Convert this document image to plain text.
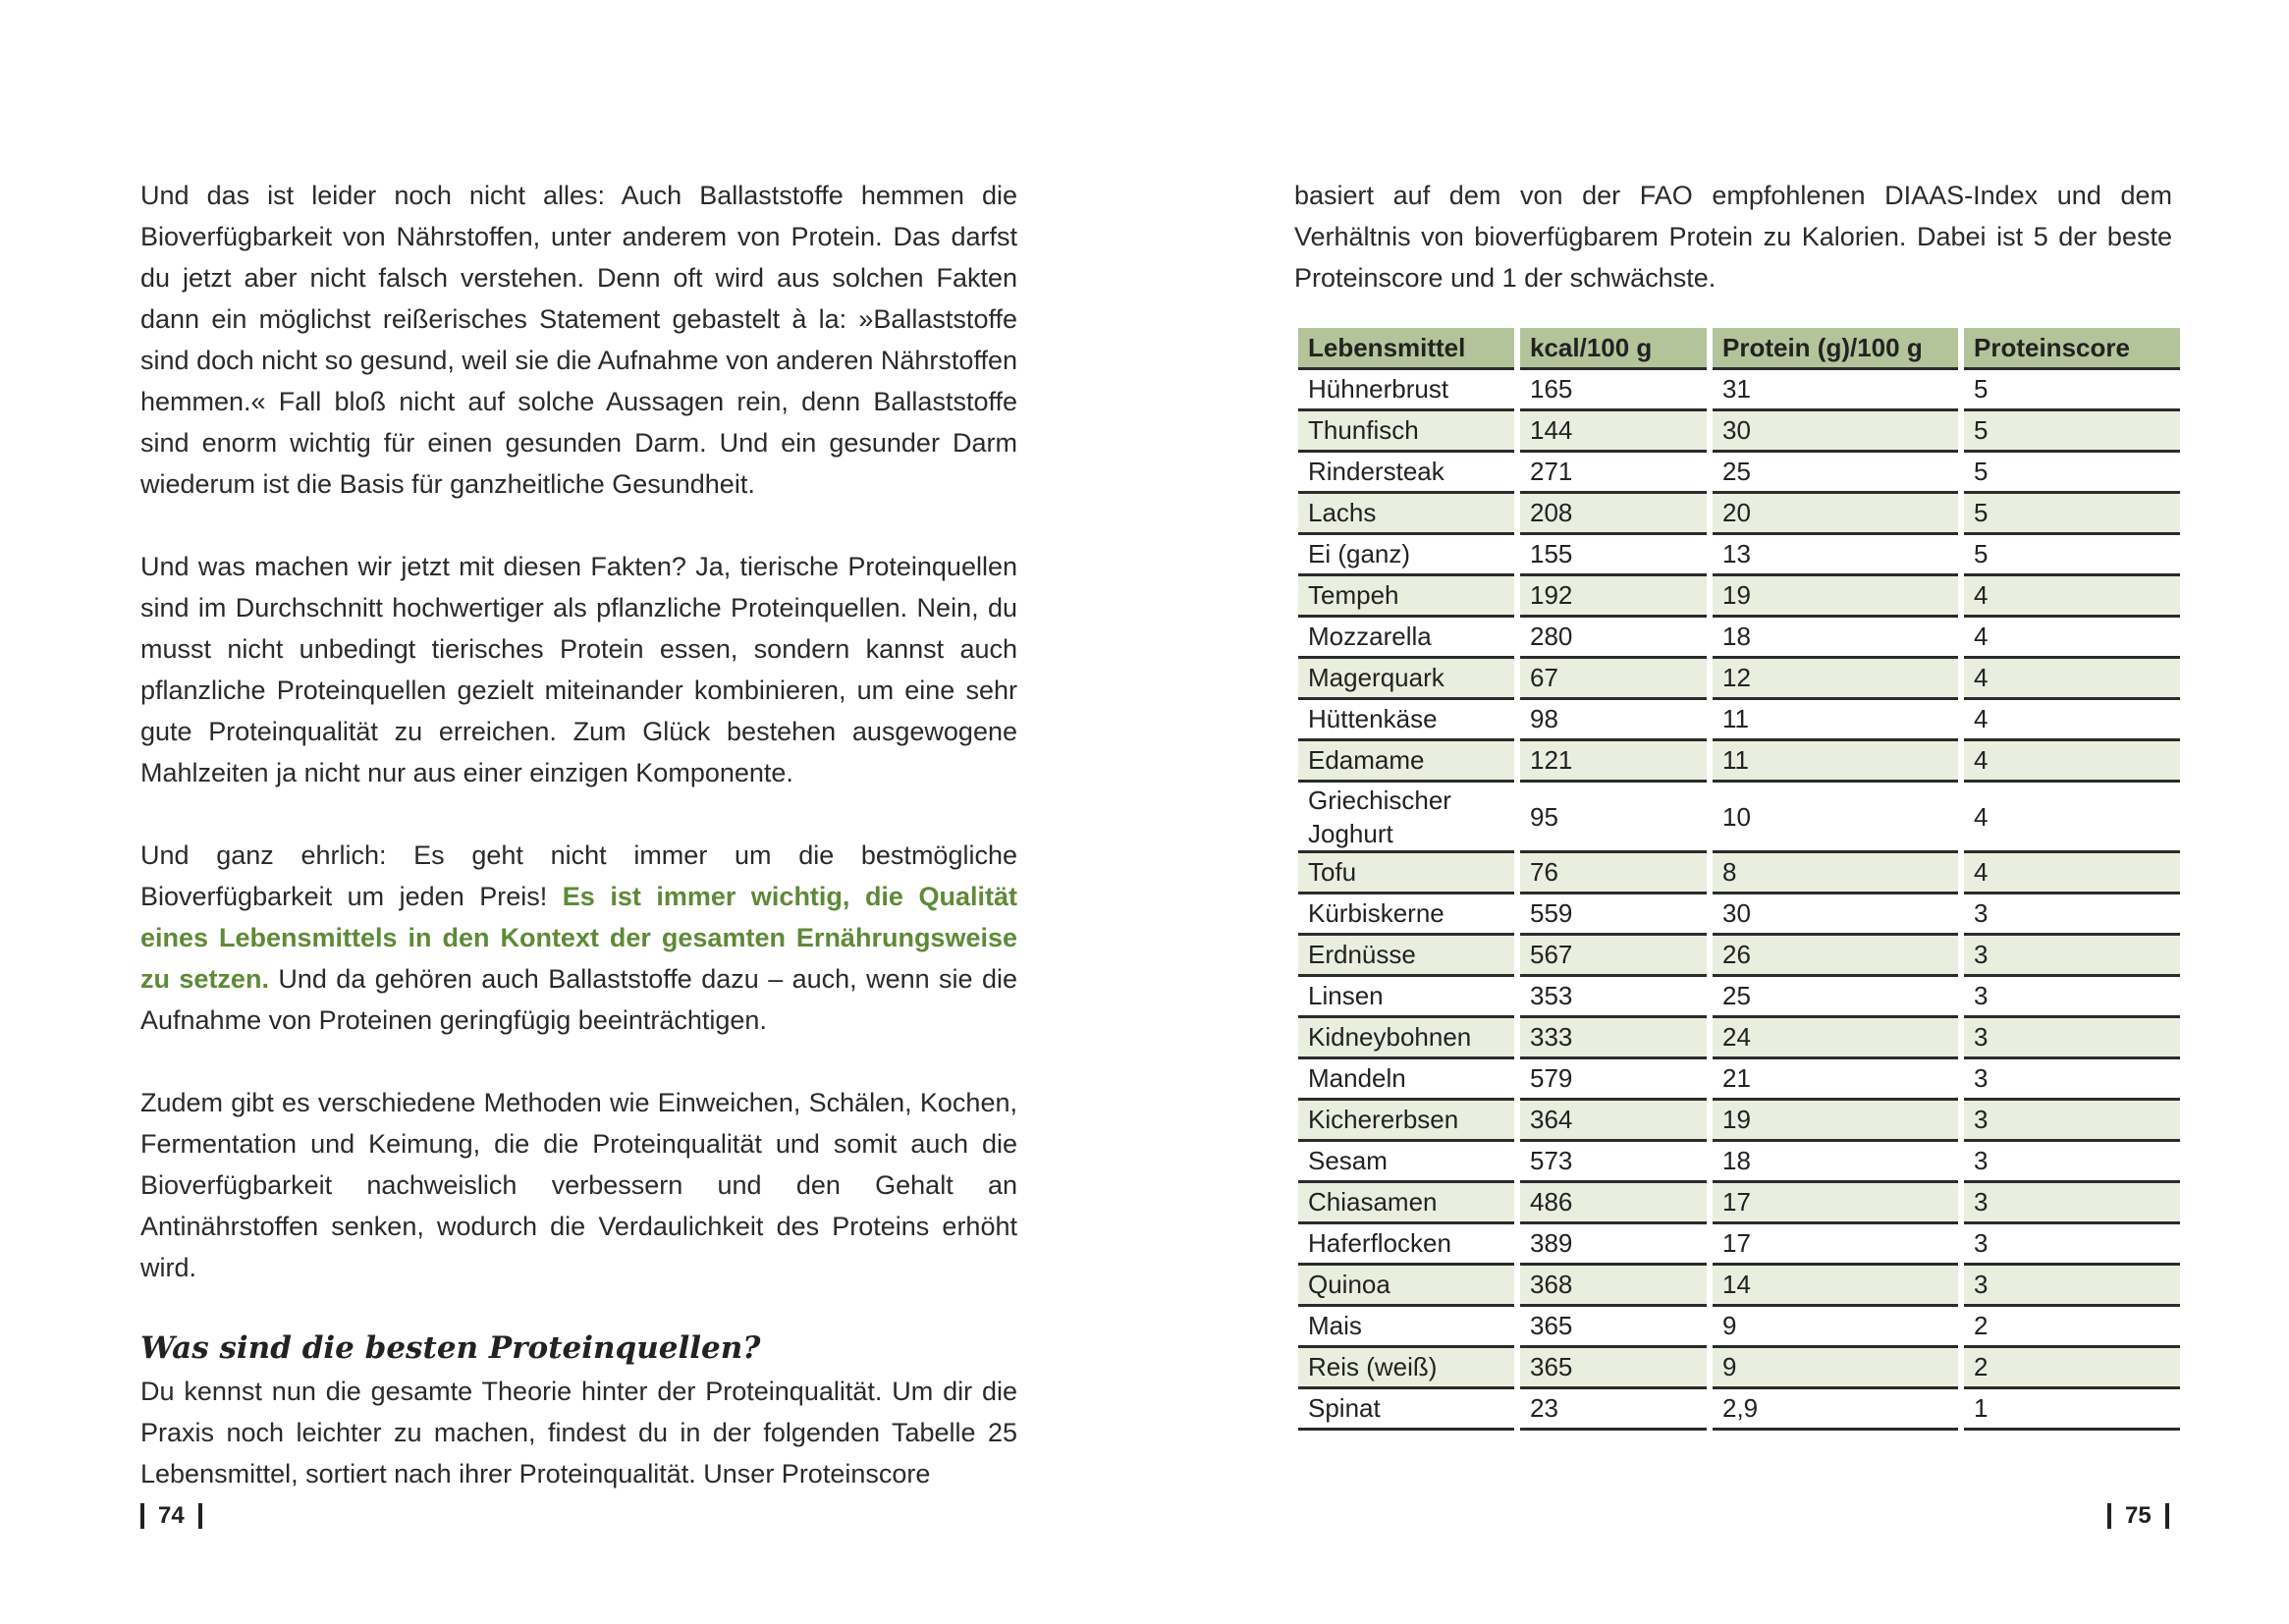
Und das ist leider noch nicht alles: Auch Ballaststoffe hemmen die Bioverfügbarkeit von Nährstoffen, unter anderem von Protein. Das darfst du jetzt aber nicht falsch verstehen. Denn oft wird aus solchen Fakten dann ein möglichst reißerisches Statement gebastelt à la: »Ballaststoffe sind doch nicht so gesund, weil sie die Aufnahme von anderen Nährstoffen hemmen.« Fall bloß nicht auf solche Aussagen rein, denn Ballaststoffe sind enorm wichtig für einen gesunden Darm. Und ein gesunder Darm wiederum ist die Basis für ganzheitliche Gesundheit.

Und was machen wir jetzt mit diesen Fakten? Ja, tierische Proteinquellen sind im Durchschnitt hochwertiger als pflanzliche Proteinquellen. Nein, du musst nicht unbedingt tierisches Protein essen, sondern kannst auch pflanzliche Proteinquellen gezielt miteinander kombinieren, um eine sehr gute Proteinqualität zu erreichen. Zum Glück bestehen ausgewogene Mahlzeiten ja nicht nur aus einer einzigen Komponente.

Und ganz ehrlich: Es geht nicht immer um die bestmögliche Bioverfügbarkeit um jeden Preis! Es ist immer wichtig, die Qualität eines Lebensmittels in den Kontext der gesamten Ernährungsweise zu setzen. Und da gehören auch Ballaststoffe dazu – auch, wenn sie die Aufnahme von Proteinen geringfügig beeinträchtigen.

Zudem gibt es verschiedene Methoden wie Einweichen, Schälen, Kochen, Fermentation und Keimung, die die Proteinqualität und somit auch die Bioverfügbarkeit nachweislich verbessern und den Gehalt an Antinährstoffen senken, wodurch die Verdaulichkeit des Proteins erhöht wird.

Was sind die besten Proteinquellen?

Du kennst nun die gesamte Theorie hinter der Proteinqualität. Um dir die Praxis noch leichter zu machen, findest du in der folgenden Tabelle 25 Lebensmittel, sortiert nach ihrer Proteinqualität. Unser Proteinscore

74

basiert auf dem von der FAO empfohlenen DIAAS-Index und dem Verhältnis von bioverfügbarem Protein zu Kalorien. Dabei ist 5 der beste Proteinscore und 1 der schwächste.

Lebensmittel	kcal/100 g	Protein (g)/100 g	Proteinscore
Hühnerbrust	165	31	5
Thunfisch	144	30	5
Rindersteak	271	25	5
Lachs	208	20	5
Ei (ganz)	155	13	5
Tempeh	192	19	4
Mozzarella	280	18	4
Magerquark	67	12	4
Hüttenkäse	98	11	4
Edamame	121	11	4
Griechischer Joghurt	95	10	4
Tofu	76	8	4
Kürbiskerne	559	30	3
Erdnüsse	567	26	3
Linsen	353	25	3
Kidneybohnen	333	24	3
Mandeln	579	21	3
Kichererbsen	364	19	3
Sesam	573	18	3
Chiasamen	486	17	3
Haferflocken	389	17	3
Quinoa	368	14	3
Mais	365	9	2
Reis (weiß)	365	9	2
Spinat	23	2,9	1
75
